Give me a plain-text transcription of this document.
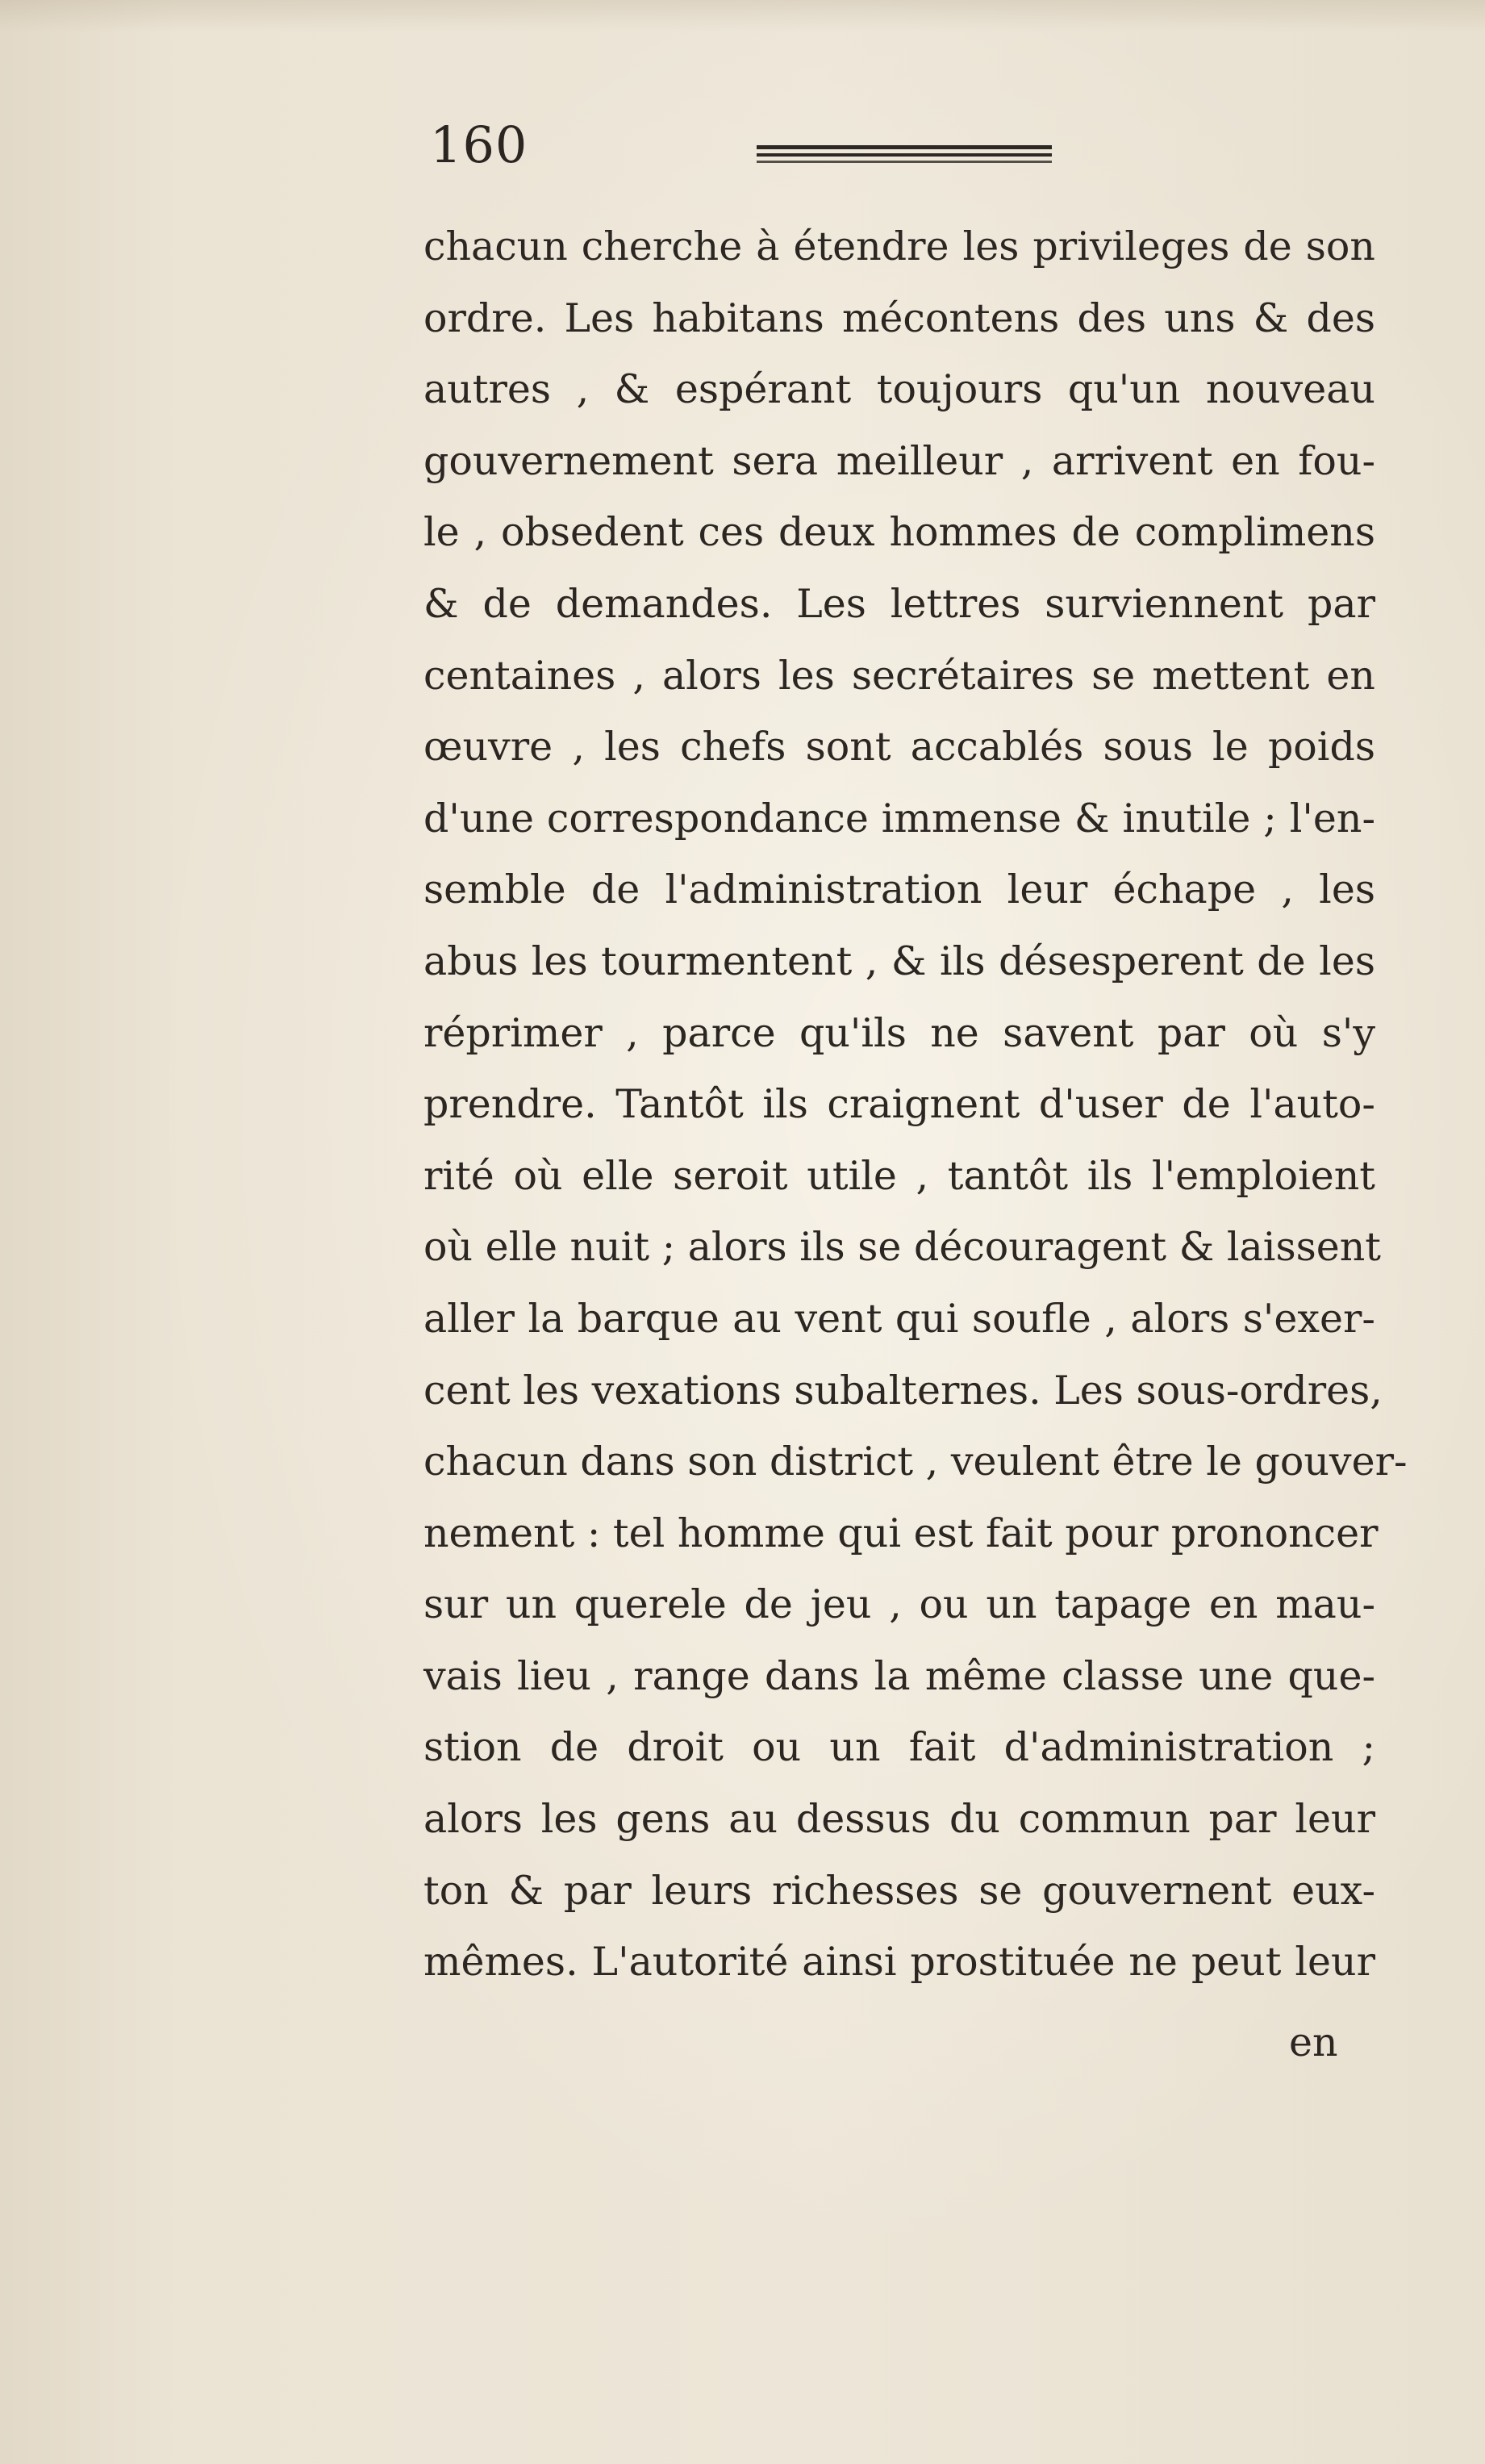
160
chacun cherche à étendre les privileges de son
ordre. Les habitans mécontens des uns & des
autres , & espérant toujours qu'un nouveau
gouvernement sera meilleur , arrivent en fou-
le , obsedent ces deux hommes de complimens
& de demandes. Les lettres surviennent par
centaines , alors les secrétaires se mettent en
œuvre , les chefs sont accablés sous le poids
d'une correspondance immense & inutile ; l'en-
semble de l'administration leur échape , les
abus les tourmentent , & ils désesperent de les
réprimer , parce qu'ils ne savent par où s'y
prendre. Tantôt ils craignent d'user de l'auto-
rité où elle seroit utile , tantôt ils l'emploient
où elle nuit ; alors ils se découragent & laissent
aller la barque au vent qui soufle , alors s'exer-
cent les vexations subalternes. Les sous-ordres,
chacun dans son district , veulent être le gouver-
nement : tel homme qui est fait pour prononcer
sur un querele de jeu , ou un tapage en mau-
vais lieu , range dans la même classe une que-
stion de droit ou un fait d'administration ;
alors les gens au dessus du commun par leur
ton & par leurs richesses se gouvernent eux-
mêmes. L'autorité ainsi prostituée ne peut leur
en
